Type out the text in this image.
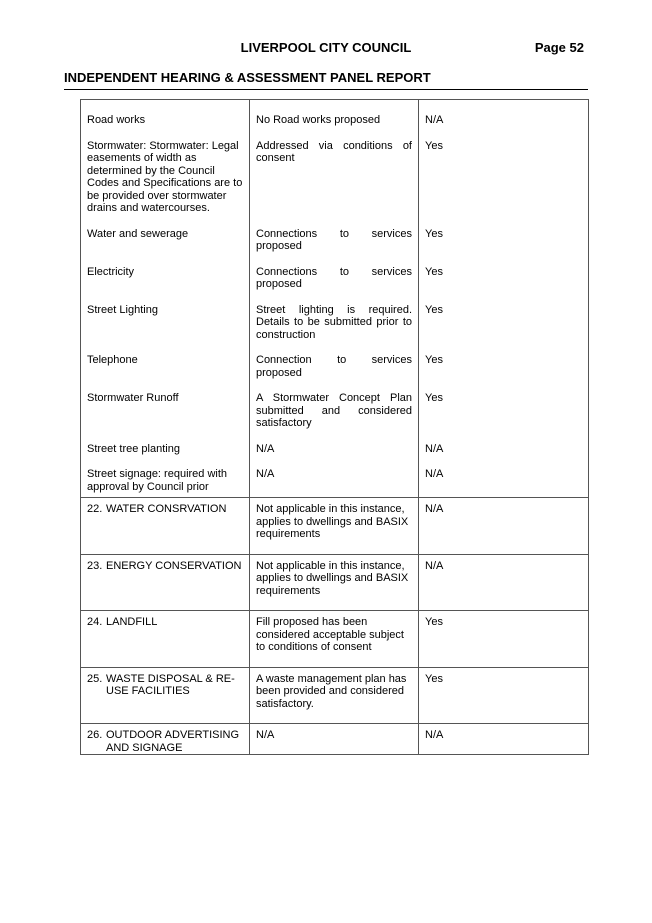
LIVERPOOL CITY COUNCIL	Page 52
INDEPENDENT HEARING & ASSESSMENT PANEL REPORT
Road works	No Road works proposed	N/A
Stormwater: Stormwater: Legal easements of width as determined by the Council Codes and Specifications are to be provided over stormwater drains and watercourses.	Addressed via conditions of consent	Yes
Water and sewerage	Connections to services proposed	Yes
Electricity	Connections to services proposed	Yes
Street Lighting	Street lighting is required. Details to be submitted prior to construction	Yes
Telephone	Connection to services proposed	Yes
Stormwater Runoff	A Stormwater Concept Plan submitted and considered satisfactory	Yes
Street tree planting	N/A	N/A
Street signage: required with approval by Council prior	N/A	N/A

22. WATER CONSRVATION	Not applicable in this instance, applies to dwellings and BASIX requirements	N/A

23. ENERGY CONSERVATION	Not applicable in this instance, applies to dwellings and BASIX requirements	N/A

24. LANDFILL	Fill proposed has been considered acceptable subject to conditions of consent	Yes

25. WASTE DISPOSAL & RE-USE FACILITIES	A waste management plan has been provided and considered satisfactory.	Yes

26. OUTDOOR ADVERTISING AND SIGNAGE	N/A	N/A
